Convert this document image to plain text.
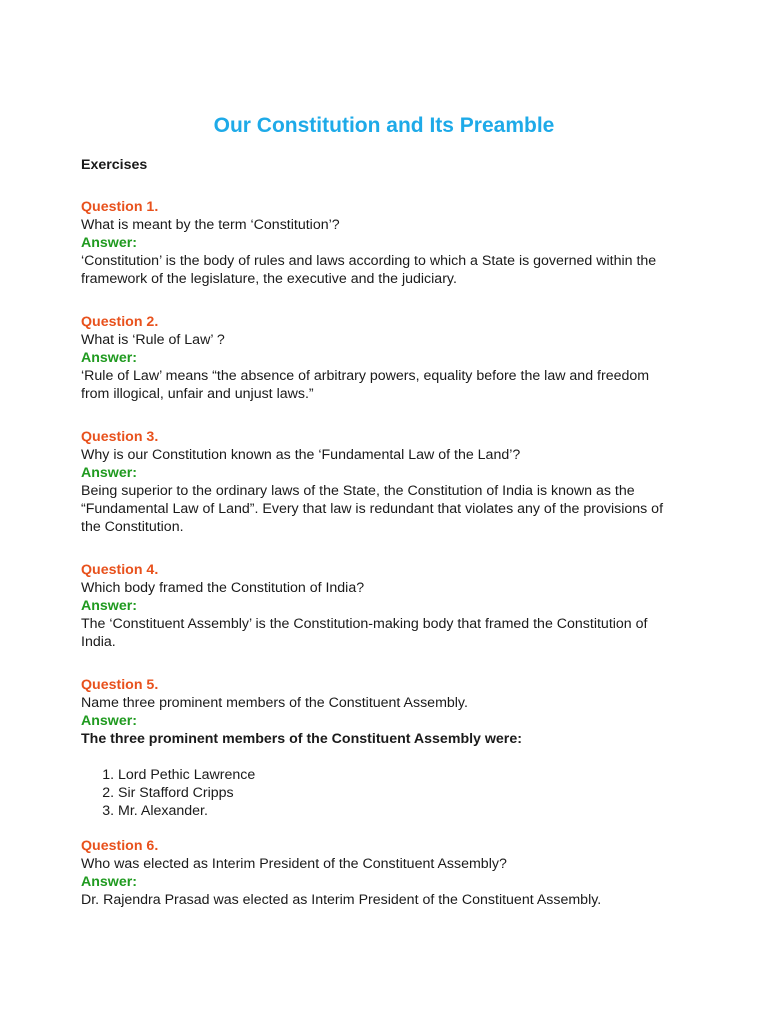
Our Constitution and Its Preamble
Exercises
Question 1.
What is meant by the term ‘Constitution’?
Answer:
‘Constitution’ is the body of rules and laws according to which a State is governed within the framework of the legislature, the executive and the judiciary.
Question 2.
What is ‘Rule of Law’ ?
Answer:
‘Rule of Law’ means “the absence of arbitrary powers, equality before the law and freedom from illogical, unfair and unjust laws.”
Question 3.
Why is our Constitution known as the ‘Fundamental Law of the Land’?
Answer:
Being superior to the ordinary laws of the State, the Constitution of India is known as the “Fundamental Law of Land”. Every that law is redundant that violates any of the provisions of the Constitution.
Question 4.
Which body framed the Constitution of India?
Answer:
The ‘Constituent Assembly’ is the Constitution-making body that framed the Constitution of India.
Question 5.
Name three prominent members of the Constituent Assembly.
Answer:
The three prominent members of the Constituent Assembly were:
1. Lord Pethic Lawrence
2. Sir Stafford Cripps
3. Mr. Alexander.
Question 6.
Who was elected as Interim President of the Constituent Assembly?
Answer:
Dr. Rajendra Prasad was elected as Interim President of the Constituent Assembly.
